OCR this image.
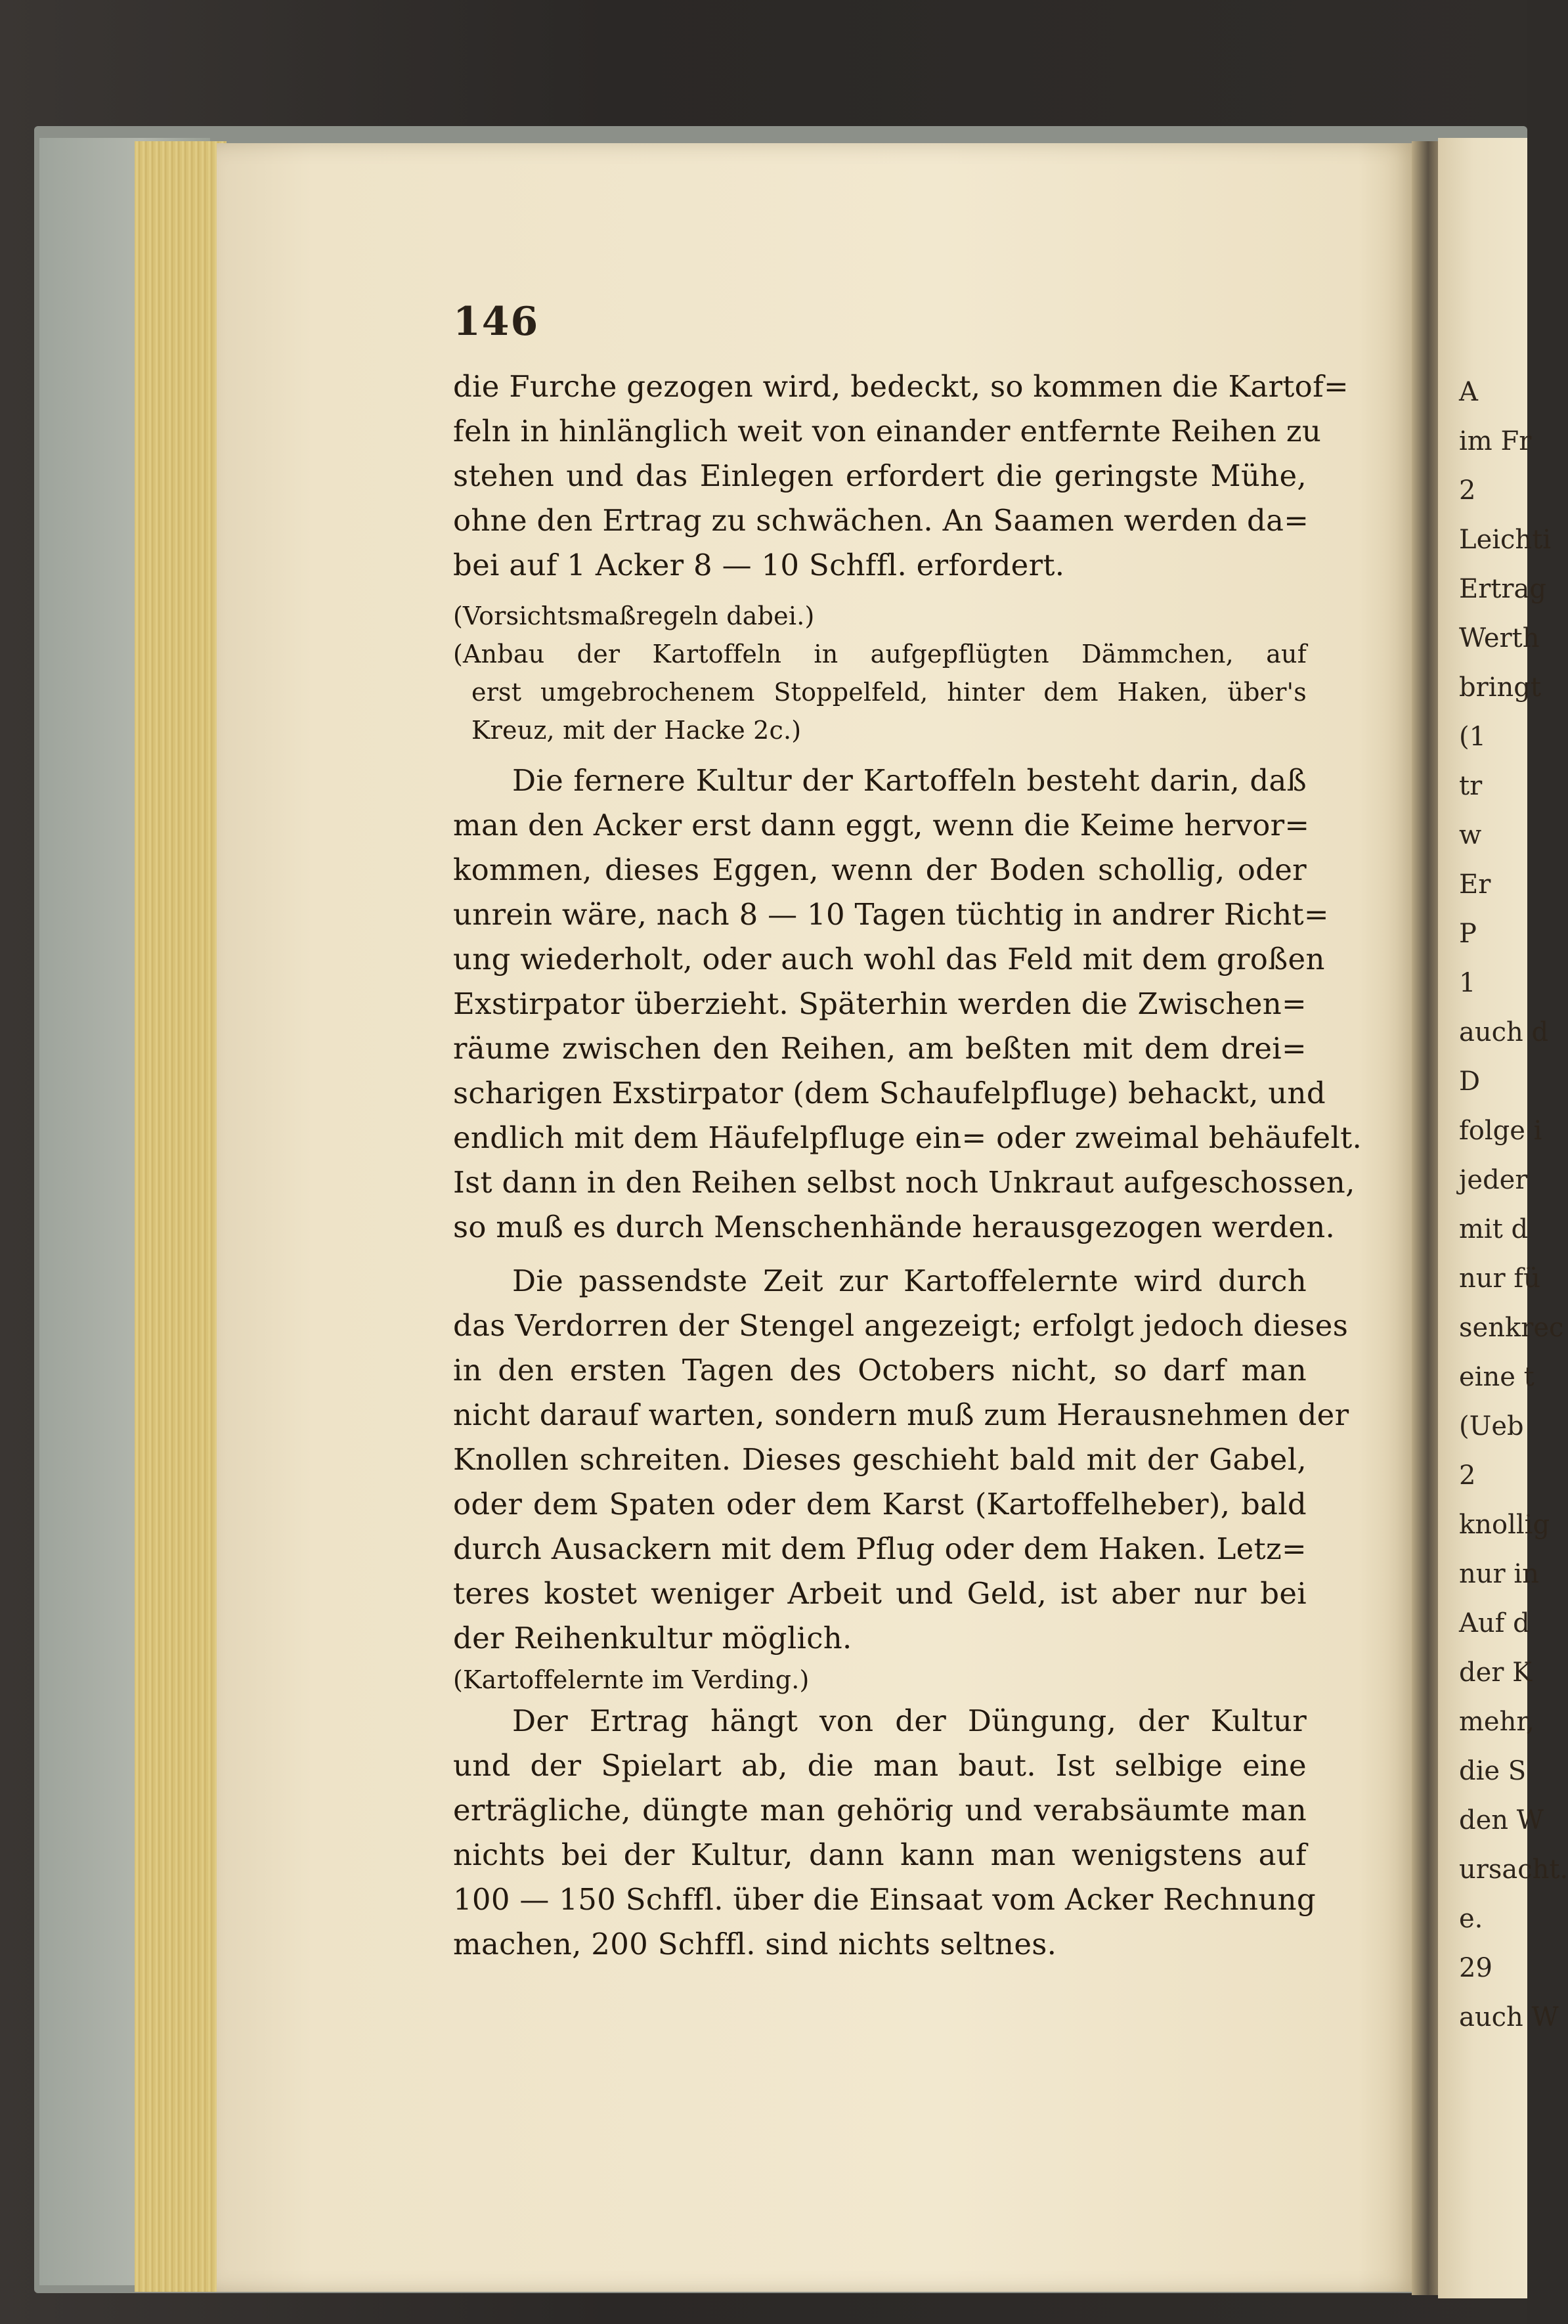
A
im Fr
2
Leichti
Ertrag
Werth
bringt
(1
tr
w
Er
P
1
auch d
D
folge i
jeder
mit d
nur fü
senkrec
eine t
(Ueb
2
knollig
nur in
Auf d
der K
mehr,
die S
den W
ursacht.
e.
29
auch W
146
die Furche gezogen wird, bedeckt, so kommen die Kartof=
feln in hinlänglich weit von einander entfernte Reihen zu
stehen und das Einlegen erfordert die geringste Mühe,
ohne den Ertrag zu schwächen. An Saamen werden da=
bei auf 1 Acker 8 — 10 Schffl. erfordert.
(Vorsichtsmaßregeln dabei.)
(Anbau der Kartoffeln in aufgepflügten Dämmchen, auf
erst umgebrochenem Stoppelfeld, hinter dem Haken, über's
Kreuz, mit der Hacke 2c.)
Die fernere Kultur der Kartoffeln besteht darin, daß
man den Acker erst dann eggt, wenn die Keime hervor=
kommen, dieses Eggen, wenn der Boden schollig, oder
unrein wäre, nach 8 — 10 Tagen tüchtig in andrer Richt=
ung wiederholt, oder auch wohl das Feld mit dem großen
Exstirpator überzieht. Späterhin werden die Zwischen=
räume zwischen den Reihen, am beßten mit dem drei=
scharigen Exstirpator (dem Schaufelpfluge) behackt, und
endlich mit dem Häufelpfluge ein= oder zweimal behäufelt.
Ist dann in den Reihen selbst noch Unkraut aufgeschossen,
so muß es durch Menschenhände herausgezogen werden.
Die passendste Zeit zur Kartoffelernte wird durch
das Verdorren der Stengel angezeigt; erfolgt jedoch dieses
in den ersten Tagen des Octobers nicht, so darf man
nicht darauf warten, sondern muß zum Herausnehmen der
Knollen schreiten. Dieses geschieht bald mit der Gabel,
oder dem Spaten oder dem Karst (Kartoffelheber), bald
durch Ausackern mit dem Pflug oder dem Haken. Letz=
teres kostet weniger Arbeit und Geld, ist aber nur bei
der Reihenkultur möglich.
(Kartoffelernte im Verding.)
Der Ertrag hängt von der Düngung, der Kultur
und der Spielart ab, die man baut. Ist selbige eine
erträgliche, düngte man gehörig und verabsäumte man
nichts bei der Kultur, dann kann man wenigstens auf
100 — 150 Schffl. über die Einsaat vom Acker Rechnung
machen, 200 Schffl. sind nichts seltnes.
